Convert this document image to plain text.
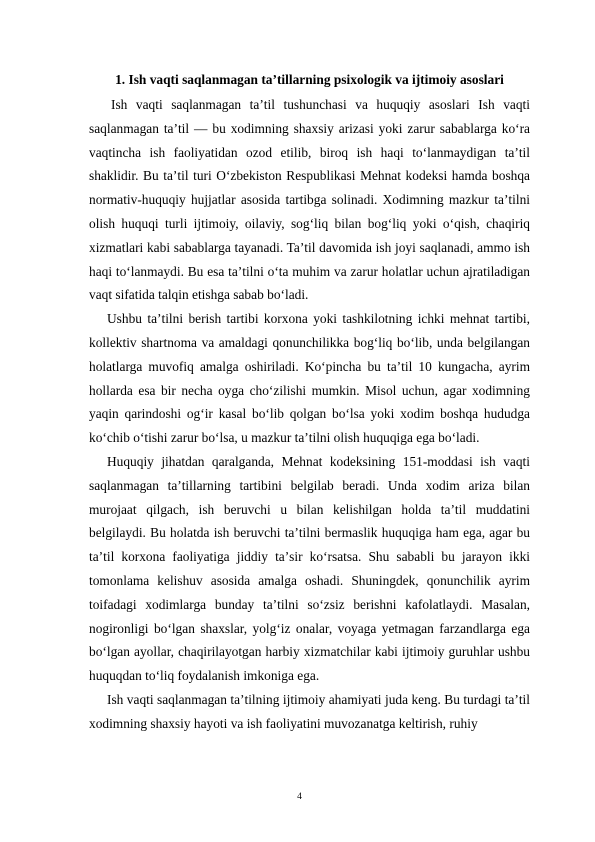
1. Ish vaqti saqlanmagan taʼtillarning psixologik va ijtimoiy asoslari

Ish vaqti saqlanmagan taʼtil tushunchasi va huquqiy asoslari Ish vaqti saqlanmagan taʼtil — bu xodimning shaxsiy arizasi yoki zarur sabablarga koʻra vaqtincha ish faoliyatidan ozod etilib, biroq ish haqi toʻlanmaydigan taʼtil shaklidir. Bu taʼtil turi Oʻzbekiston Respublikasi Mehnat kodeksi hamda boshqa normativ-huquqiy hujjatlar asosida tartibga solinadi. Xodimning mazkur taʼtilni olish huquqi turli ijtimoiy, oilaviy, sogʻliq bilan bogʻliq yoki oʻqish, chaqiriq xizmatlari kabi sabablarga tayanadi. Taʼtil davomida ish joyi saqlanadi, ammo ish haqi toʻlanmaydi. Bu esa taʼtilni oʻta muhim va zarur holatlar uchun ajratiladigan vaqt sifatida talqin etishga sabab boʻladi.

Ushbu taʼtilni berish tartibi korxona yoki tashkilotning ichki mehnat tartibi, kollektiv shartnoma va amaldagi qonunchilikka bogʻliq boʻlib, unda belgilangan holatlarga muvofiq amalga oshiriladi. Koʻpincha bu taʼtil 10 kungacha, ayrim hollarda esa bir necha oyga choʻzilishi mumkin. Misol uchun, agar xodimning yaqin qarindoshi ogʻir kasal boʻlib qolgan boʻlsa yoki xodim boshqa hududga koʻchib oʻtishi zarur boʻlsa, u mazkur taʼtilni olish huquqiga ega boʻladi.

Huquqiy jihatdan qaralganda, Mehnat kodeksining 151-moddasi ish vaqti saqlanmagan taʼtillarning tartibini belgilab beradi. Unda xodim ariza bilan murojaat qilgach, ish beruvchi u bilan kelishilgan holda taʼtil muddatini belgilaydi. Bu holatda ish beruvchi taʼtilni bermaslik huquqiga ham ega, agar bu taʼtil korxona faoliyatiga jiddiy taʼsir koʻrsatsa. Shu sababli bu jarayon ikki tomonlama kelishuv asosida amalga oshadi. Shuningdek, qonunchilik ayrim toifadagi xodimlarga bunday taʼtilni soʻzsiz berishni kafolatlaydi. Masalan, nogironligi boʻlgan shaxslar, yolgʻiz onalar, voyaga yetmagan farzandlarga ega boʻlgan ayollar, chaqirilayotgan harbiy xizmatchilar kabi ijtimoiy guruhlar ushbu huquqdan toʻliq foydalanish imkoniga ega.

Ish vaqti saqlanmagan taʼtilning ijtimoiy ahamiyati juda keng. Bu turdagi taʼtil xodimning shaxsiy hayoti va ish faoliyatini muvozanatga keltirish, ruhiy

4
